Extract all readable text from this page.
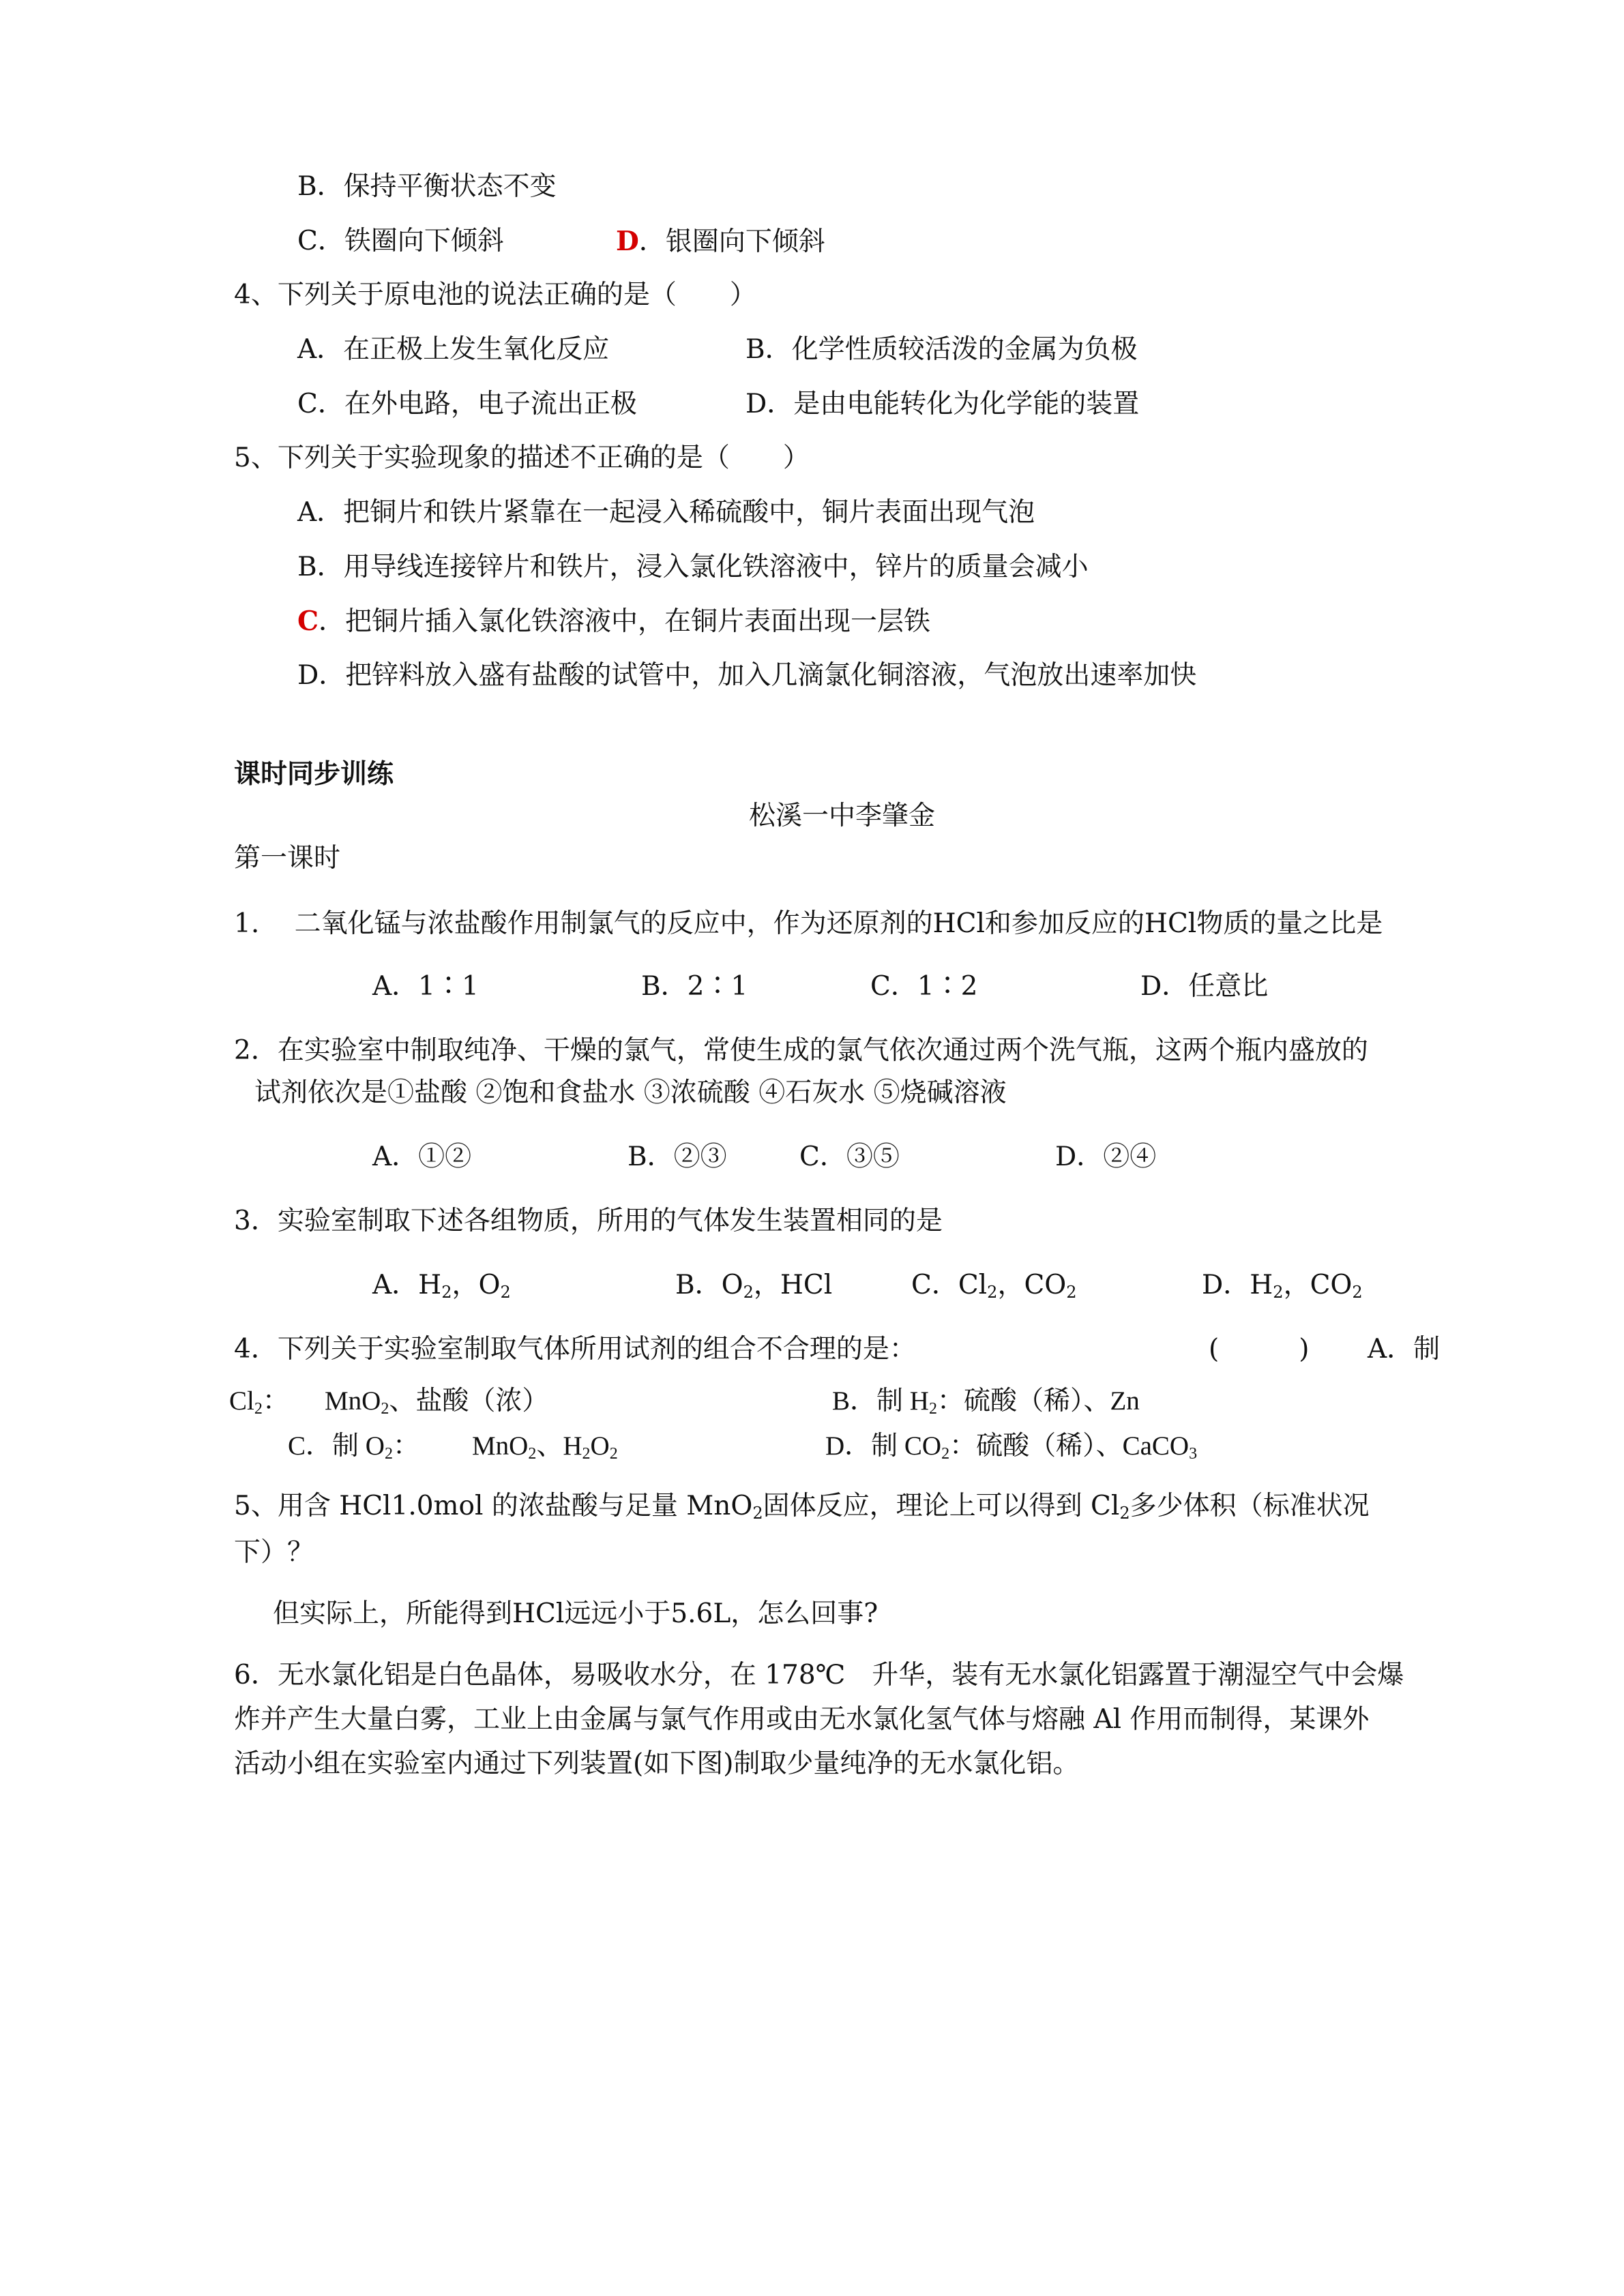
B．保持平衡状态不变
C．铁圈向下倾斜	D．银圈向下倾斜
4、下列关于原电池的说法正确的是（　　）
A．在正极上发生氧化反应	B．化学性质较活泼的金属为负极
C．在外电路，电子流出正极	D．是由电能转化为化学能的装置
5、下列关于实验现象的描述不正确的是（　　）
A．把铜片和铁片紧靠在一起浸入稀硫酸中，铜片表面出现气泡
B．用导线连接锌片和铁片，浸入氯化铁溶液中，锌片的质量会减小
C．把铜片插入氯化铁溶液中，在铜片表面出现一层铁
D．把锌料放入盛有盐酸的试管中，加入几滴氯化铜溶液，气泡放出速率加快
课时同步训练
松溪一中李肇金
第一课时
1.　 二氧化锰与浓盐酸作用制氯气的反应中，作为还原剂的HCl和参加反应的HCl物质的量之比是
A．1∶1	B．2∶1	C．1∶2	D．任意比
2．在实验室中制取纯净、干燥的氯气，常使生成的氯气依次通过两个洗气瓶，这两个瓶内盛放的
试剂依次是①盐酸 ②饱和食盐水 ③浓硫酸 ④石灰水 ⑤烧碱溶液
A．①②	B．②③	C．③⑤	D．②④
3．实验室制取下述各组物质，所用的气体发生装置相同的是
A．$H_2$，$O_2$	B．$O_2$，HCl	C．$Cl_2$，$CO_2$	D．$H_2$，$CO_2$
4．下列关于实验室制取气体所用试剂的组合不合理的是：	(　　　) A．制
$Cl_2$： MnO$_2$、盐酸（浓）	B．制 $H_2$：硫酸（稀）、Zn
C．制 $O_2$： MnO$_2$、$H_2O_2$	D．制 $CO_2$：硫酸（稀）、CaCO$_3$
5、用含 HCl1.0mol 的浓盐酸与足量 MnO$_2$固体反应，理论上可以得到 $Cl_2$多少体积（标准状况
下）？
但实际上，所能得到HCl远远小于5.6L，怎么回事?
6．无水氯化铝是白色晶体，易吸收水分，在 178℃　升华，装有无水氯化铝露置于潮湿空气中会爆
炸并产生大量白雾，工业上由金属与氯气作用或由无水氯化氢气体与熔融 Al 作用而制得，某课外
活动小组在实验室内通过下列装置(如下图)制取少量纯净的无水氯化铝。
